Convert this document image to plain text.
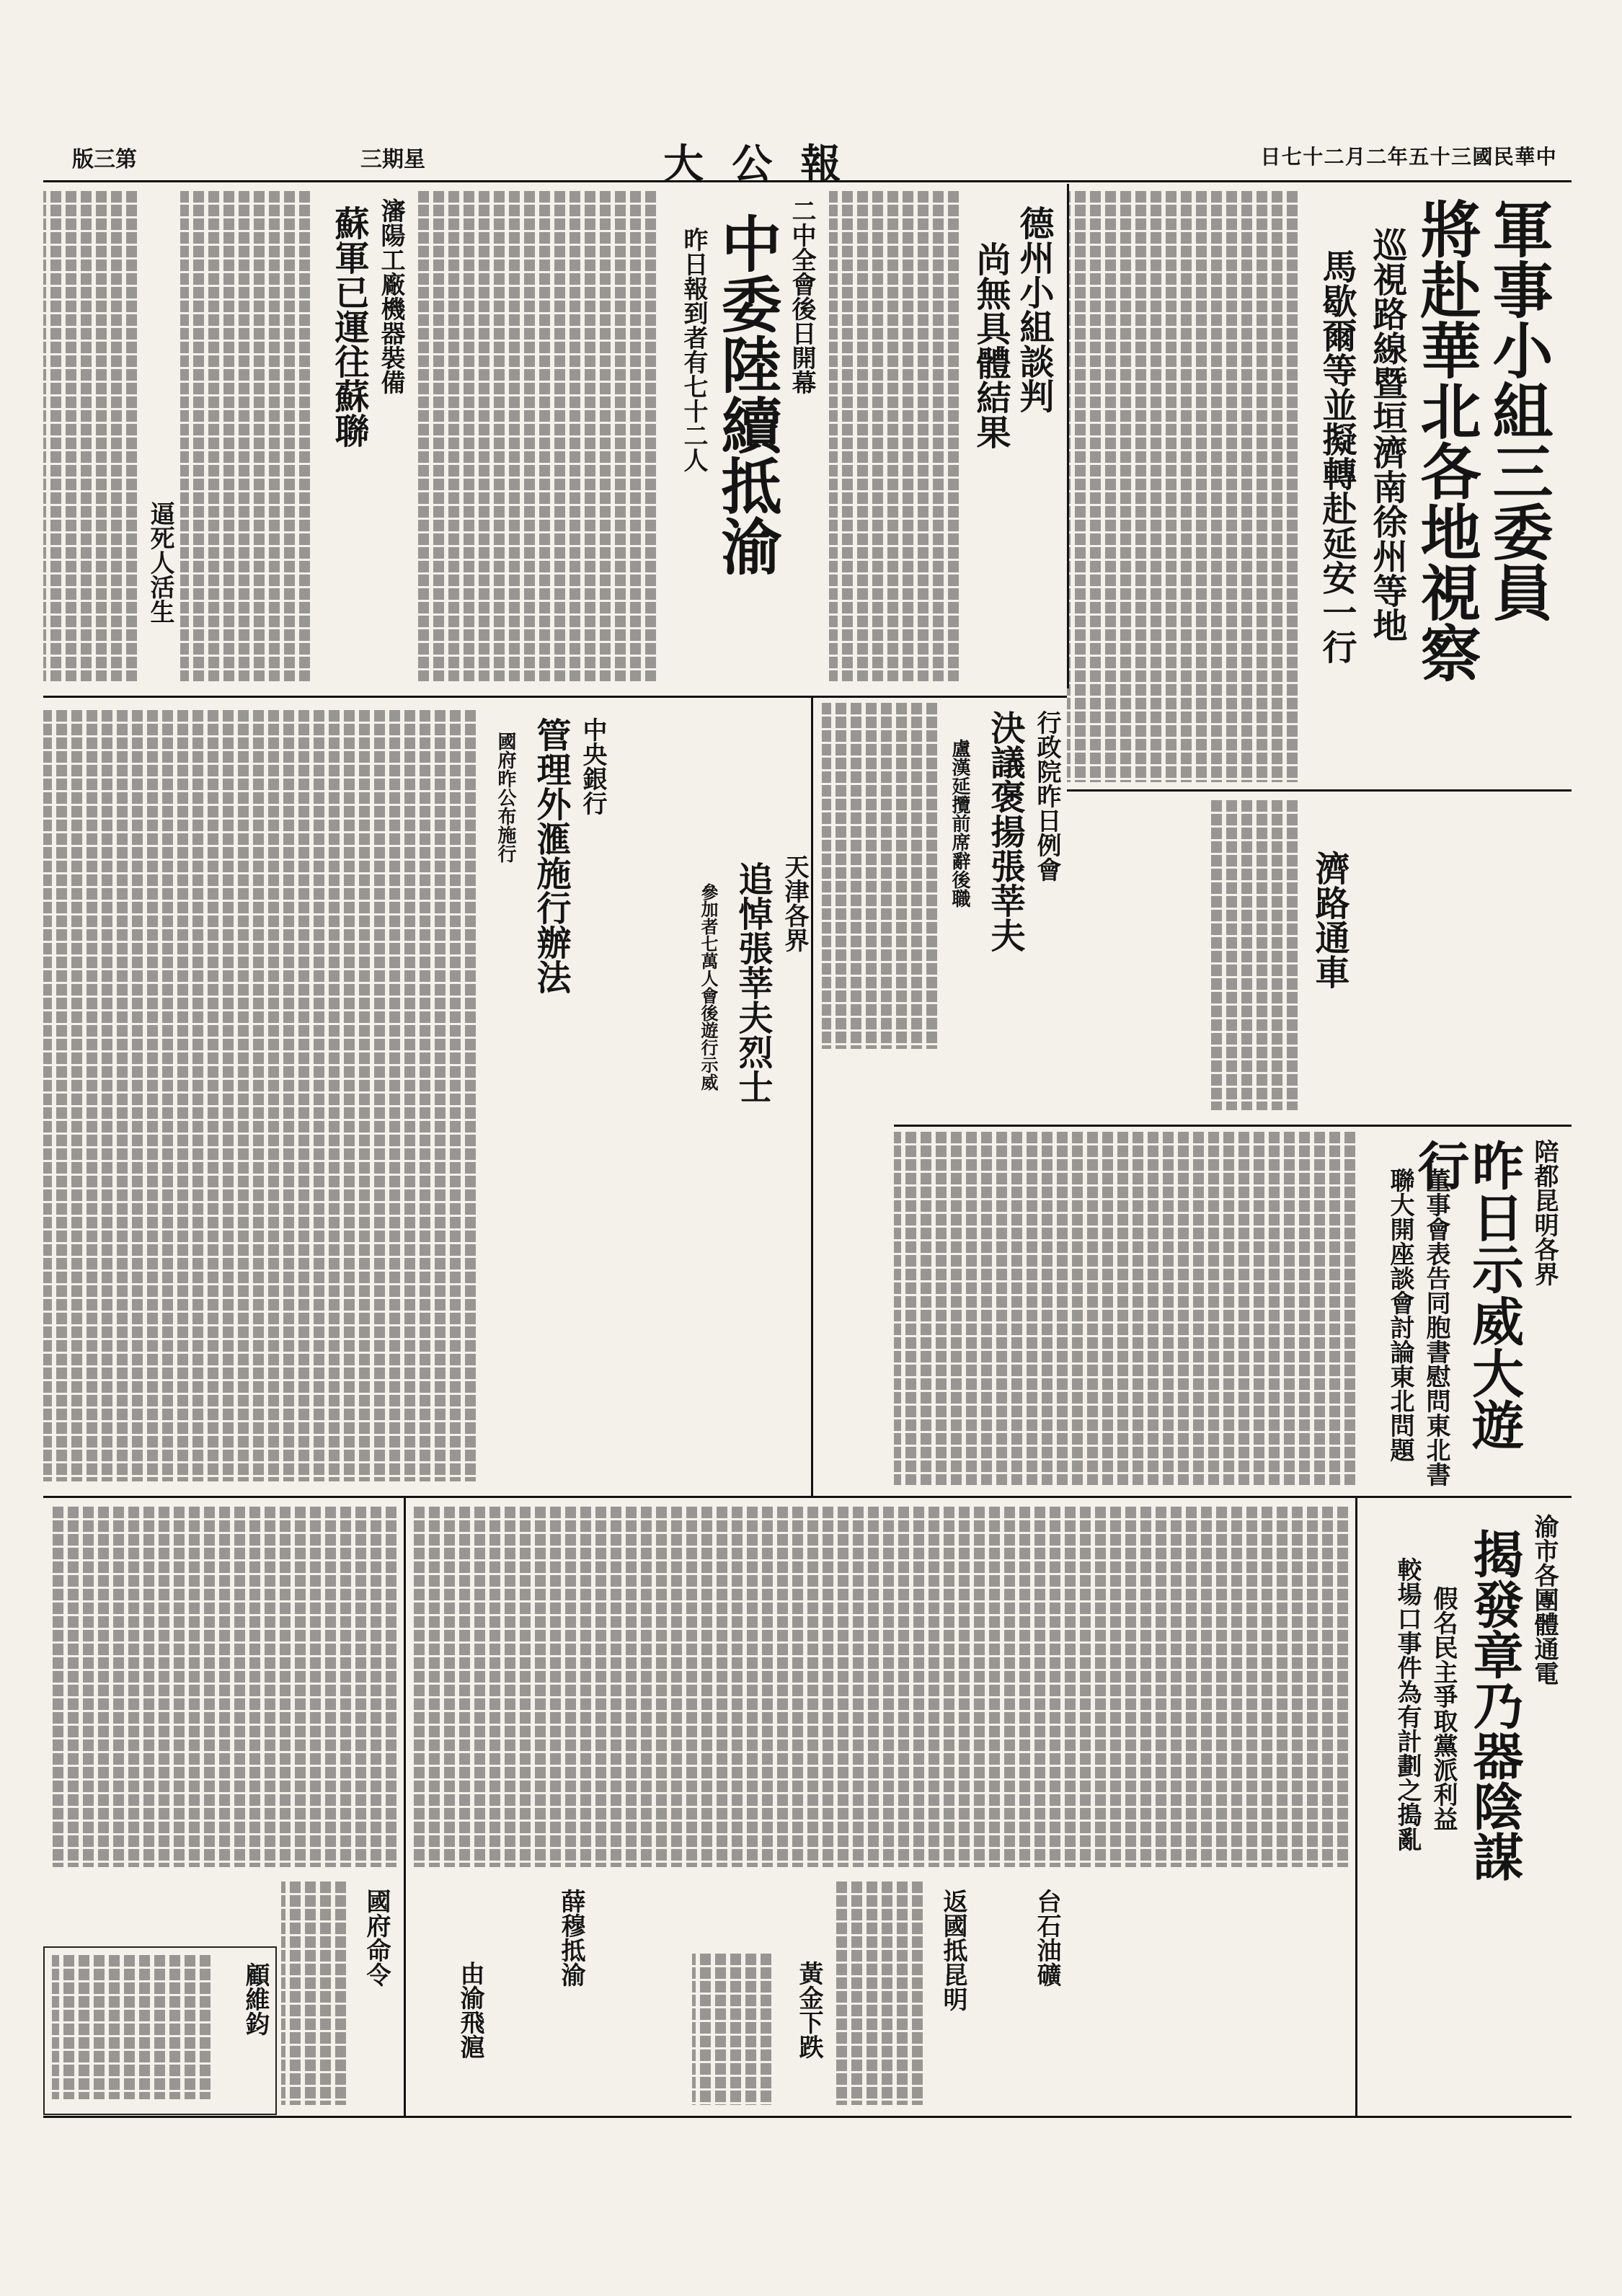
版三第	三期星	大公報	日七十二月二年五十三國民華中
軍事小組三委員
將赴華北各地視察
巡視路線暨垣濟南徐州等地
馬歇爾等並擬轉赴延安一行
德州小組談判
尚無具體結果
二中全會後日開幕
中委陸續抵渝
昨日報到者有七十二人
瀋陽工廠機器裝備
蘇軍已運往蘇聯
逼死人活生
行政院昨日例會
決議褒揚張莘夫
盧漢延攬前席辭後職
濟路通車
天津各界
追悼張莘夫烈士
參加者七萬人會後遊行示威
中央銀行
管理外滙施行辦法
國府昨公布施行
陪都昆明各界
昨日示威大遊行
董事會表告同胞書慰問東北書
聯大開座談會討論東北問題
渝市各團體通電
揭發章乃器陰謀
假名民主爭取黨派利益
較場口事件為有計劃之搗亂
台石油礦
返國抵昆明
黃金下跌
薛穆抵渝
由渝飛滬
國府命令
顧維鈞
